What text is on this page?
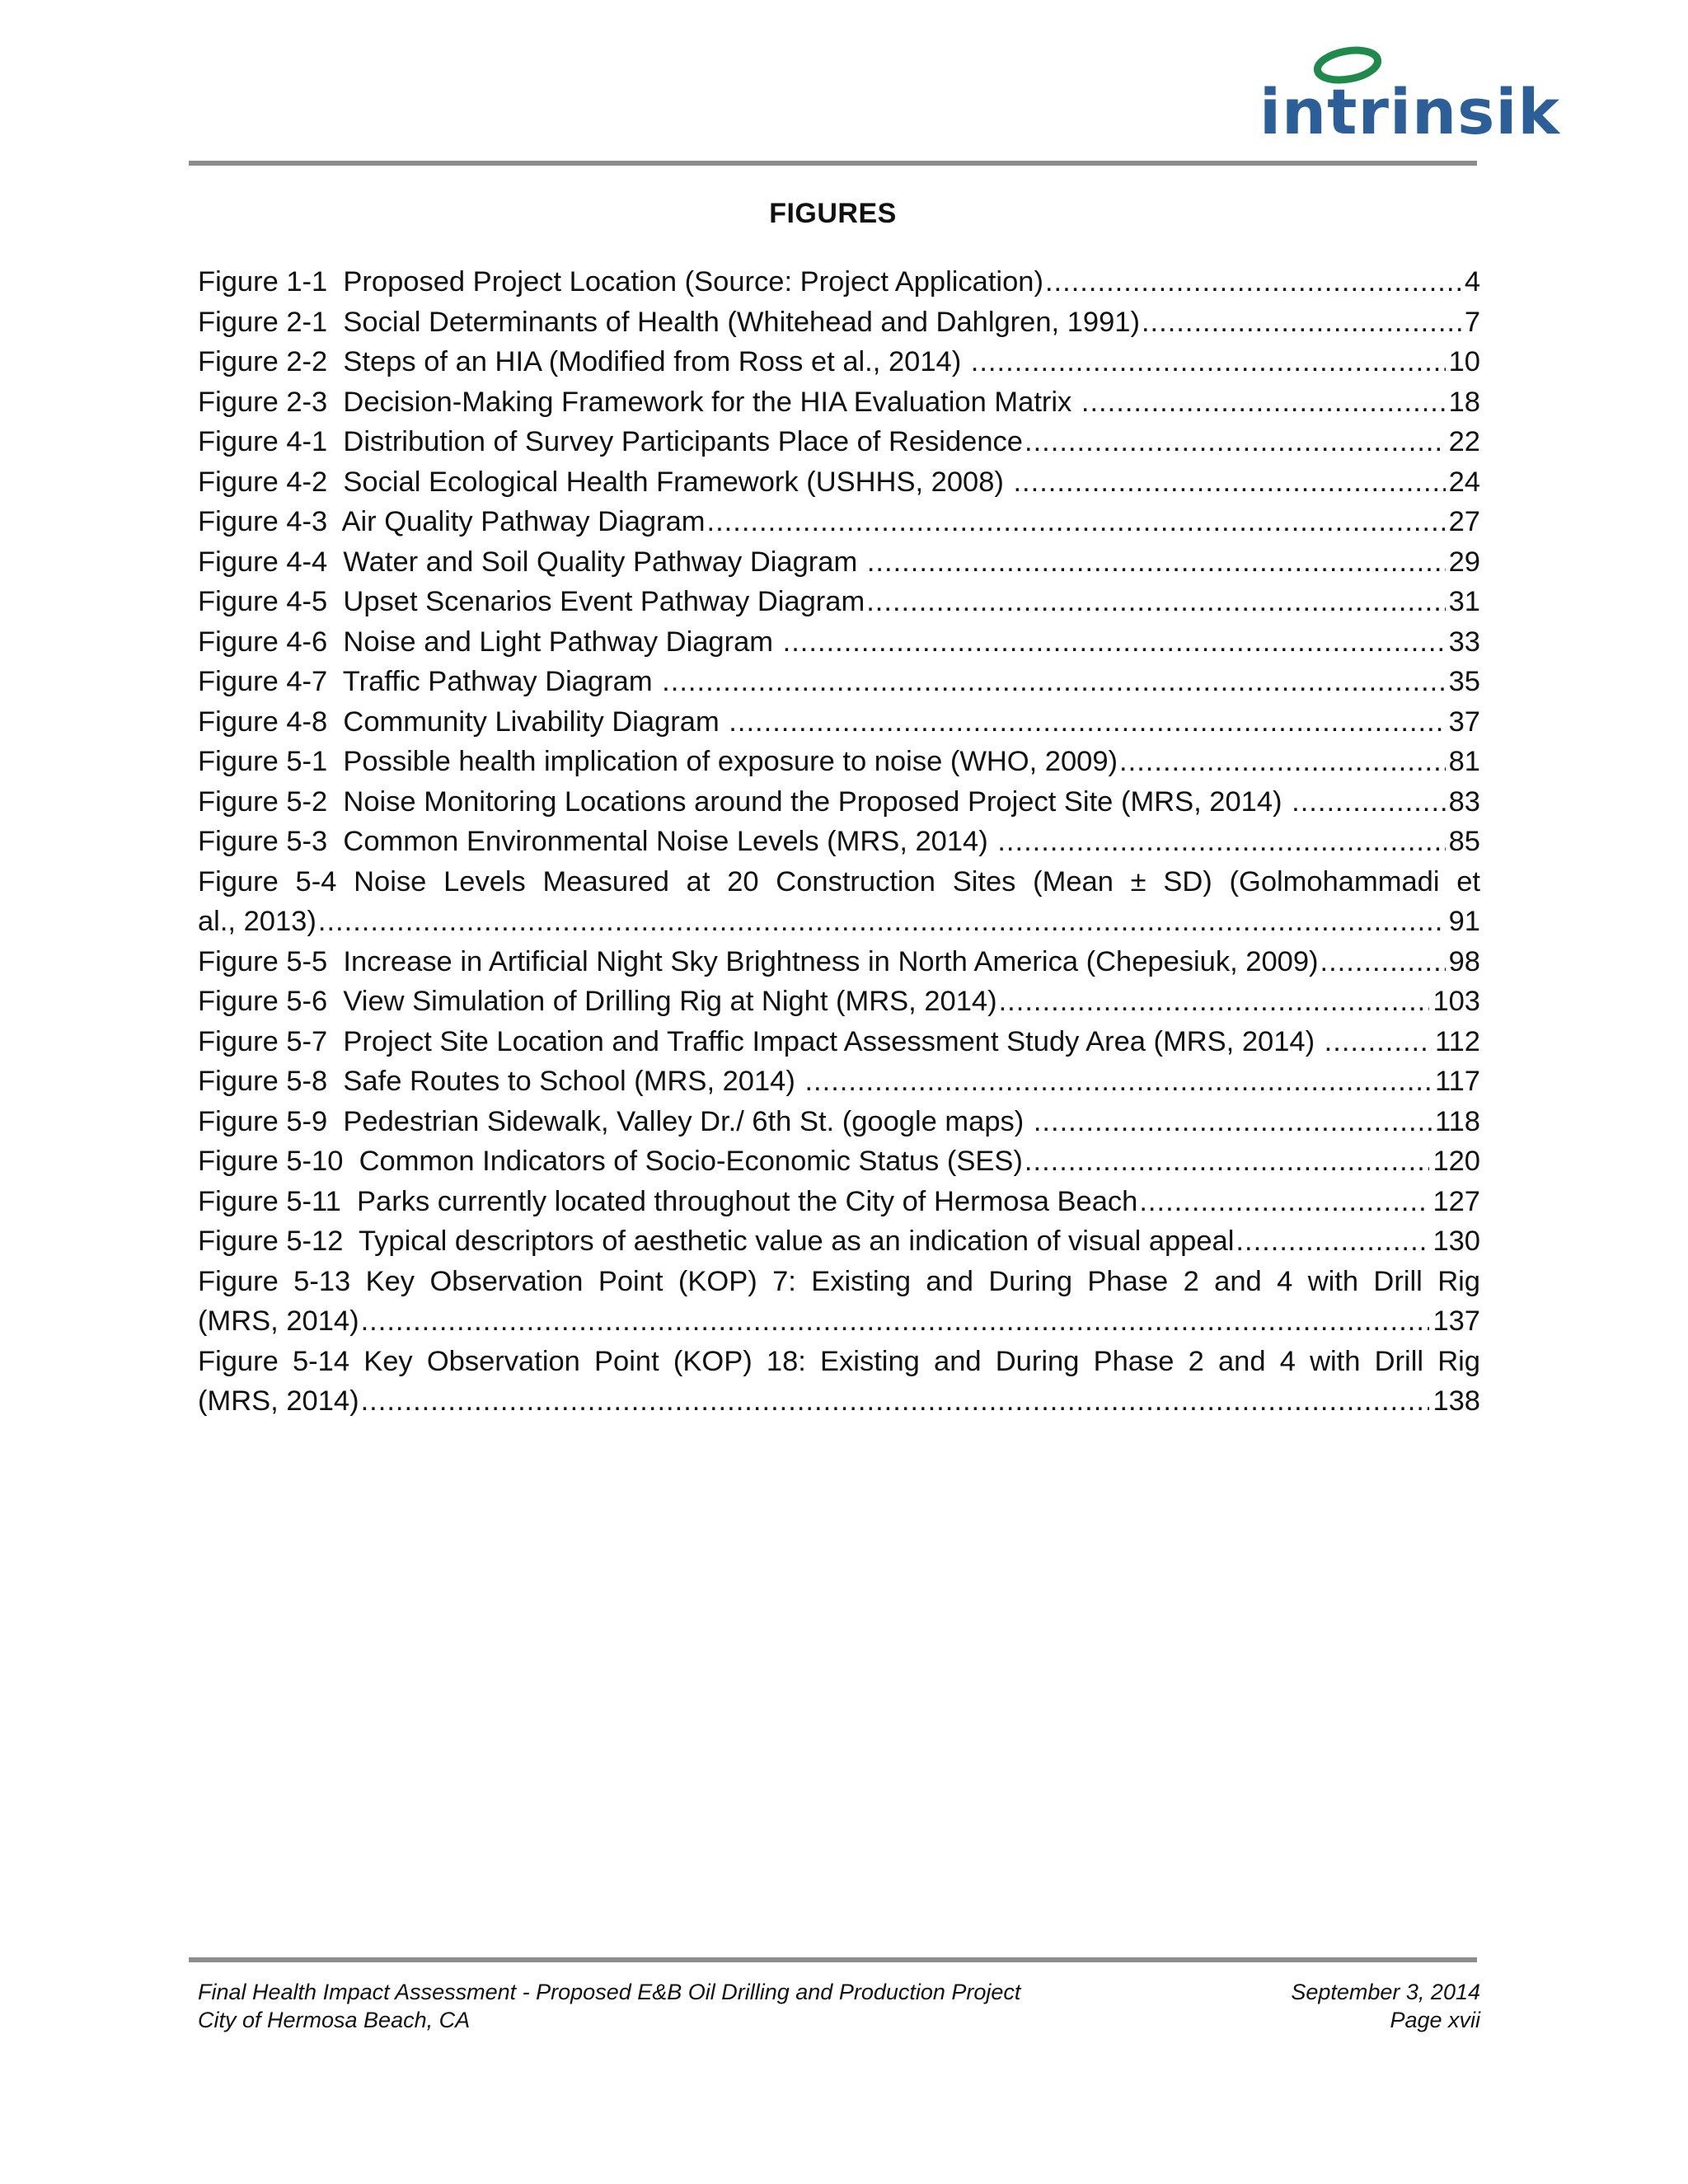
intrinsik
FIGURES
Figure 1-1  Proposed Project Location (Source: Project Application) .....	4
Figure 2-1  Social Determinants of Health (Whitehead and Dahlgren, 1991) .....	7
Figure 2-2  Steps of an HIA (Modified from Ross et al., 2014) .....	10
Figure 2-3  Decision-Making Framework for the HIA Evaluation Matrix .....	18
Figure 4-1  Distribution of Survey Participants Place of Residence .....	22
Figure 4-2  Social Ecological Health Framework (USHHS, 2008) .....	24
Figure 4-3  Air Quality Pathway Diagram .....	27
Figure 4-4  Water and Soil Quality Pathway Diagram .....	29
Figure 4-5  Upset Scenarios Event Pathway Diagram .....	31
Figure 4-6  Noise and Light Pathway Diagram .....	33
Figure 4-7  Traffic Pathway Diagram .....	35
Figure 4-8  Community Livability Diagram .....	37
Figure 5-1  Possible health implication of exposure to noise (WHO, 2009) .....	81
Figure 5-2  Noise Monitoring Locations around the Proposed Project Site (MRS, 2014) .....	83
Figure 5-3  Common Environmental Noise Levels (MRS, 2014) .....	85
Figure 5-4 Noise Levels Measured at 20 Construction Sites (Mean ± SD) (Golmohammadi et
al., 2013) .....	91
Figure 5-5  Increase in Artificial Night Sky Brightness in North America (Chepesiuk, 2009) .....	98
Figure 5-6  View Simulation of Drilling Rig at Night (MRS, 2014) .....	103
Figure 5-7  Project Site Location and Traffic Impact Assessment Study Area (MRS, 2014) .....	112
Figure 5-8  Safe Routes to School (MRS, 2014) .....	117
Figure 5-9  Pedestrian Sidewalk, Valley Dr./ 6th St. (google maps) .....	118
Figure 5-10  Common Indicators of Socio-Economic Status (SES) .....	120
Figure 5-11  Parks currently located throughout the City of Hermosa Beach .....	127
Figure 5-12  Typical descriptors of aesthetic value as an indication of visual appeal .....	130
Figure 5-13 Key Observation Point (KOP) 7: Existing and During Phase 2 and 4 with Drill Rig
(MRS, 2014) .....	137
Figure 5-14 Key Observation Point (KOP) 18: Existing and During Phase 2 and 4 with Drill Rig
(MRS, 2014) .....	138
Final Health Impact Assessment - Proposed E&B Oil Drilling and Production Project	September 3, 2014
City of Hermosa Beach, CA	Page xvii
